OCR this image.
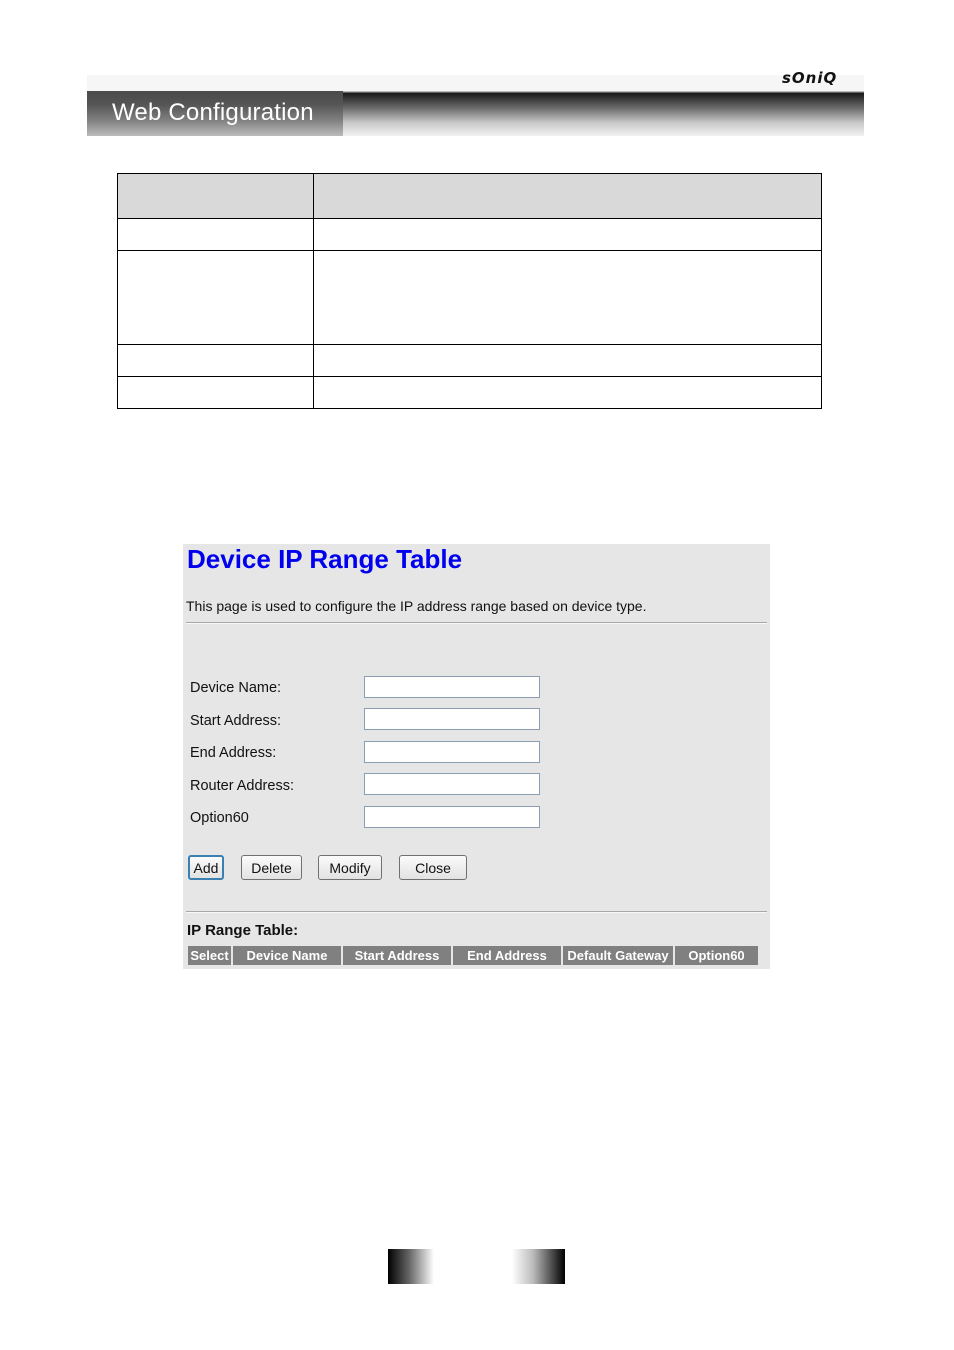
Web Configuration
sOniQ

Device IP Range Table
This page is used to configure the IP address range based on device type.
Device Name:
Start Address:
End Address:
Router Address:
Option60
Add	Delete	Modify	Close
IP Range Table:
Select	Device Name	Start Address	End Address	Default Gateway	Option60
